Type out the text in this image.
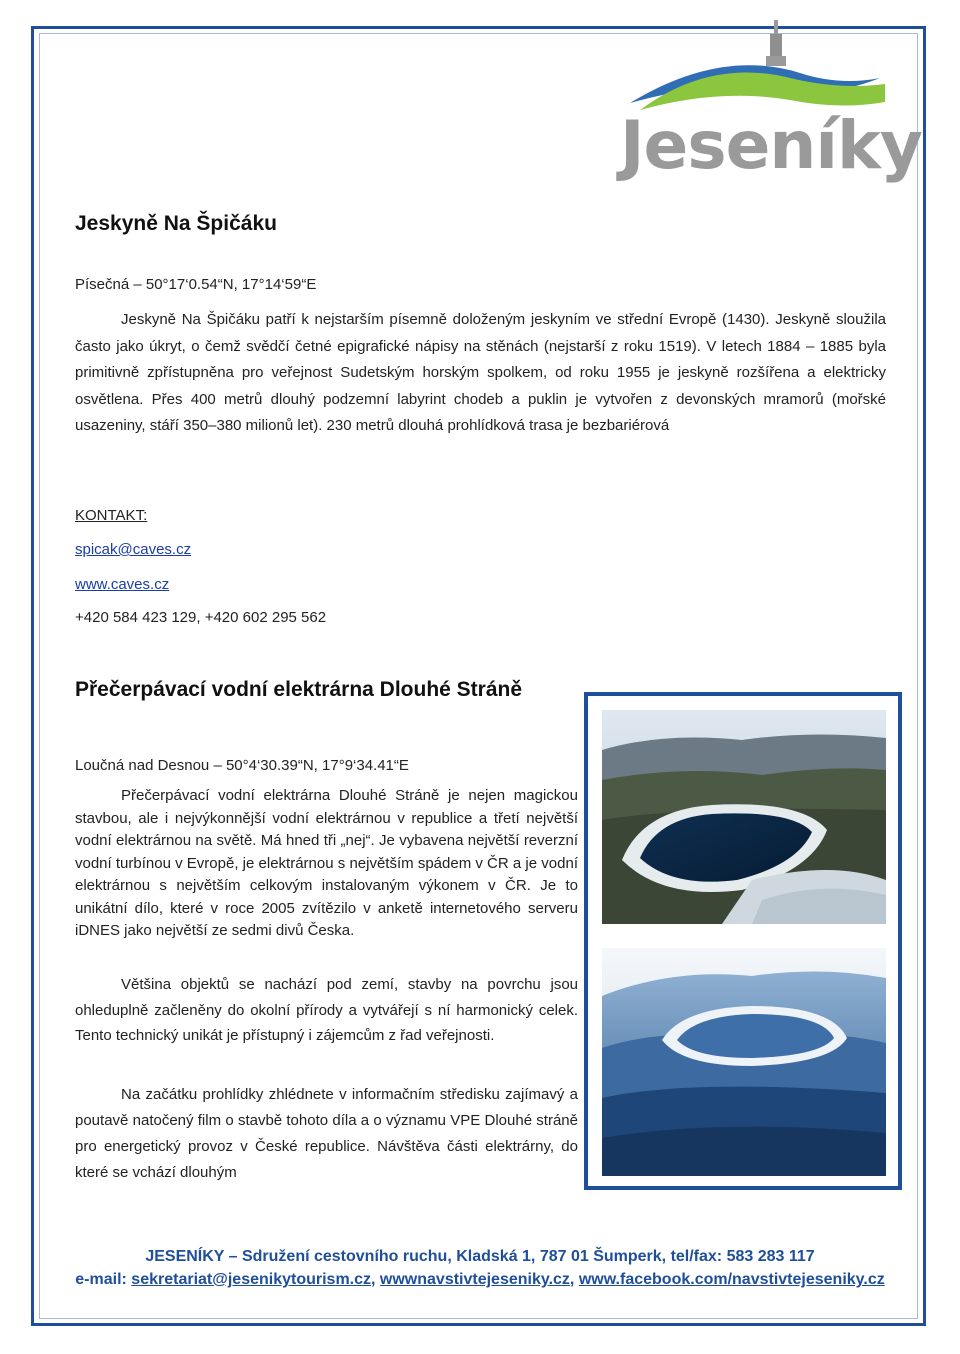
Jeseníky
Jeskyně Na Špičáku

Písečná – 50°17‘0.54“N, 17°14‘59“E

Jeskyně Na Špičáku patří k nejstarším písemně doloženým jeskyním ve střední Evropě (1430). Jeskyně sloužila často jako úkryt, o čemž svědčí četné epigrafické nápisy na stěnách (nejstarší z roku 1519). V letech 1884 – 1885 byla primitivně zpřístupněna pro veřejnost Sudetským horským spolkem, od roku 1955 je jeskyně rozšířena a elektricky osvětlena. Přes 400 metrů dlouhý podzemní labyrint chodeb a puklin je vytvořen z devonských mramorů (mořské usazeniny, stáří 350–380 milionů let). 230 metrů dlouhá prohlídková trasa je bezbariérová

KONTAKT:

spicak@caves.cz
www.caves.cz

+420 584 423 129, +420 602 295 562

Přečerpávací vodní elektrárna Dlouhé Stráně

Loučná nad Desnou – 50°4‘30.39“N, 17°9‘34.41“E

Přečerpávací vodní elektrárna Dlouhé Stráně je nejen magickou stavbou, ale i nejvýkonnější vodní elektrárnou v republice a třetí největší vodní elektrárnou na světě. Má hned tři „nej“. Je vybavena největší reverzní vodní turbínou v Evropě, je elektrárnou s největším spádem v ČR a je vodní elektrárnou s největším celkovým instalovaným výkonem v ČR. Je to unikátní dílo, které v roce 2005 zvítězilo v anketě internetového serveru iDNES jako největší ze sedmi divů Česka.

Většina objektů se nachází pod zemí, stavby na povrchu jsou ohleduplně začleněny do okolní přírody a vytvářejí s ní harmonický celek. Tento technický unikát je přístupný i zájemcům z řad veřejnosti.

Na začátku prohlídky zhlédnete v informačním středisku zajímavý a poutavě natočený film o stavbě tohoto díla a o významu VPE Dlouhé stráně pro energetický provoz v České republice. Návštěva části elektrárny, do které se vchází dlouhým

JESENÍKY – Sdružení cestovního ruchu, Kladská 1, 787 01 Šumperk, tel/fax: 583 283 117

e-mail: sekretariat@jesenikytourism.cz, wwwnavstivtejeseniky.cz, www.facebook.com/navstivtejeseniky.cz
